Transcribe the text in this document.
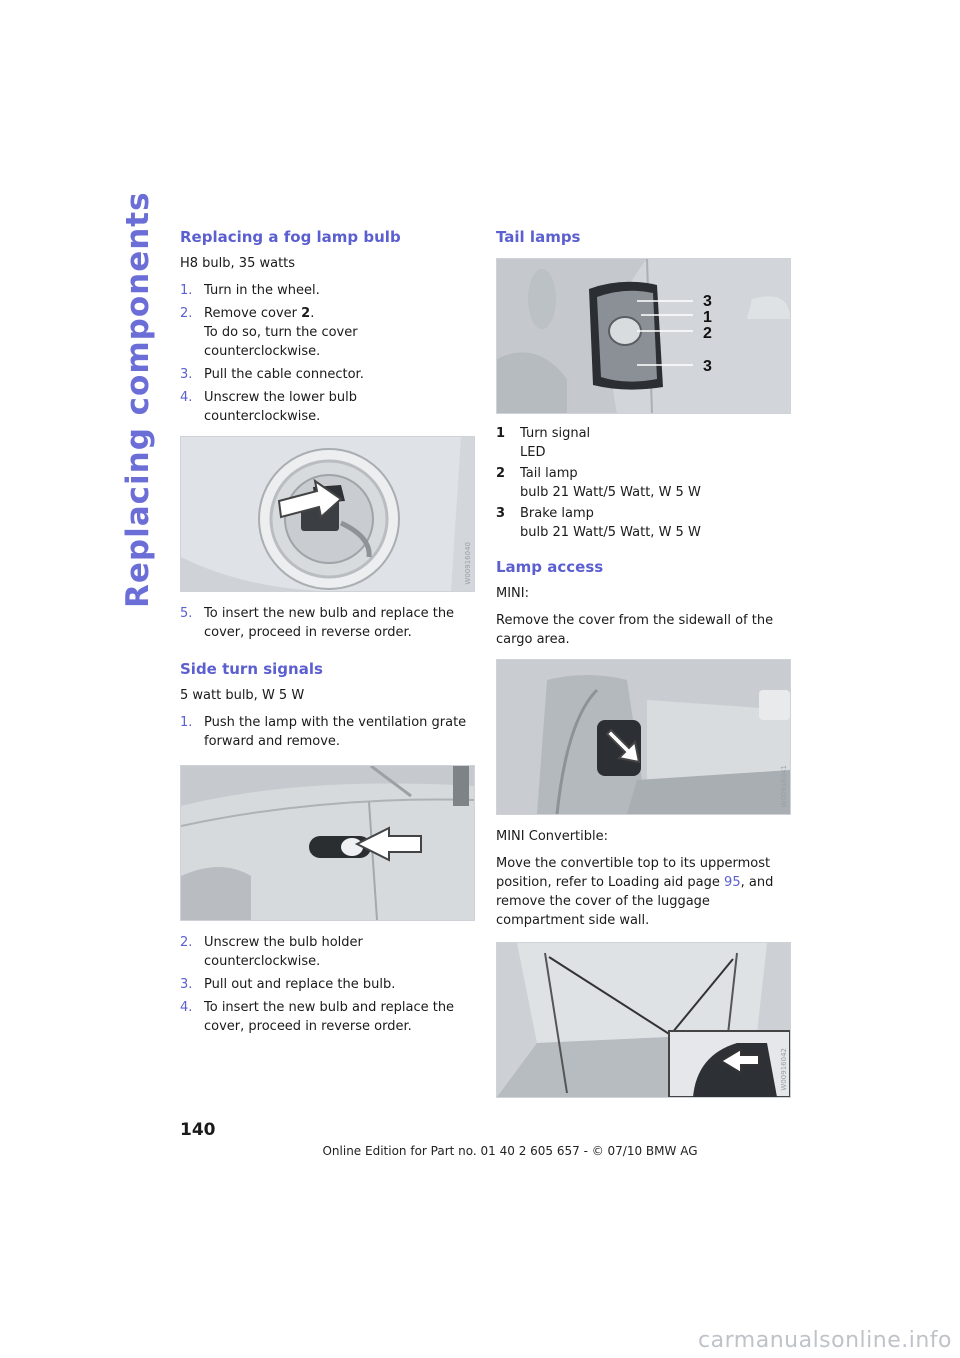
Replacing components Replacing a fog lamp bulb

H8 bulb, 35 watts

1. Turn in the wheel.
2. Remove cover 2.
To do so, turn the cover counterclockwise.
3. Pull the cable connector.
4. Unscrew the lower bulb counterclockwise.
W00916040
5. To insert the new bulb and replace the cover, proceed in reverse order.
Side turn signals

5 watt bulb, W 5 W

1. Push the lamp with the ventilation grate forward and remove.
2. Unscrew the bulb holder counterclockwise.
3. Pull out and replace the bulb.
4. To insert the new bulb and replace the cover, proceed in reverse order.
Tail lamps
3
1
2
3
1	Turn signal
LED
2	Tail lamp
bulb 21 Watt/5 Watt, W 5 W
3	Brake lamp
bulb 21 Watt/5 Watt, W 5 W
Lamp access

MINI:

Remove the cover from the sidewall of the cargo area.

W00916041

MINI Convertible:

Move the convertible top to its uppermost position, refer to Loading aid page 95, and remove the cover of the luggage compartment side wall.

W00916042
140
Online Edition for Part no. 01 40 2 605 657 - © 07/10 BMW AG
carmanualsonline.info
